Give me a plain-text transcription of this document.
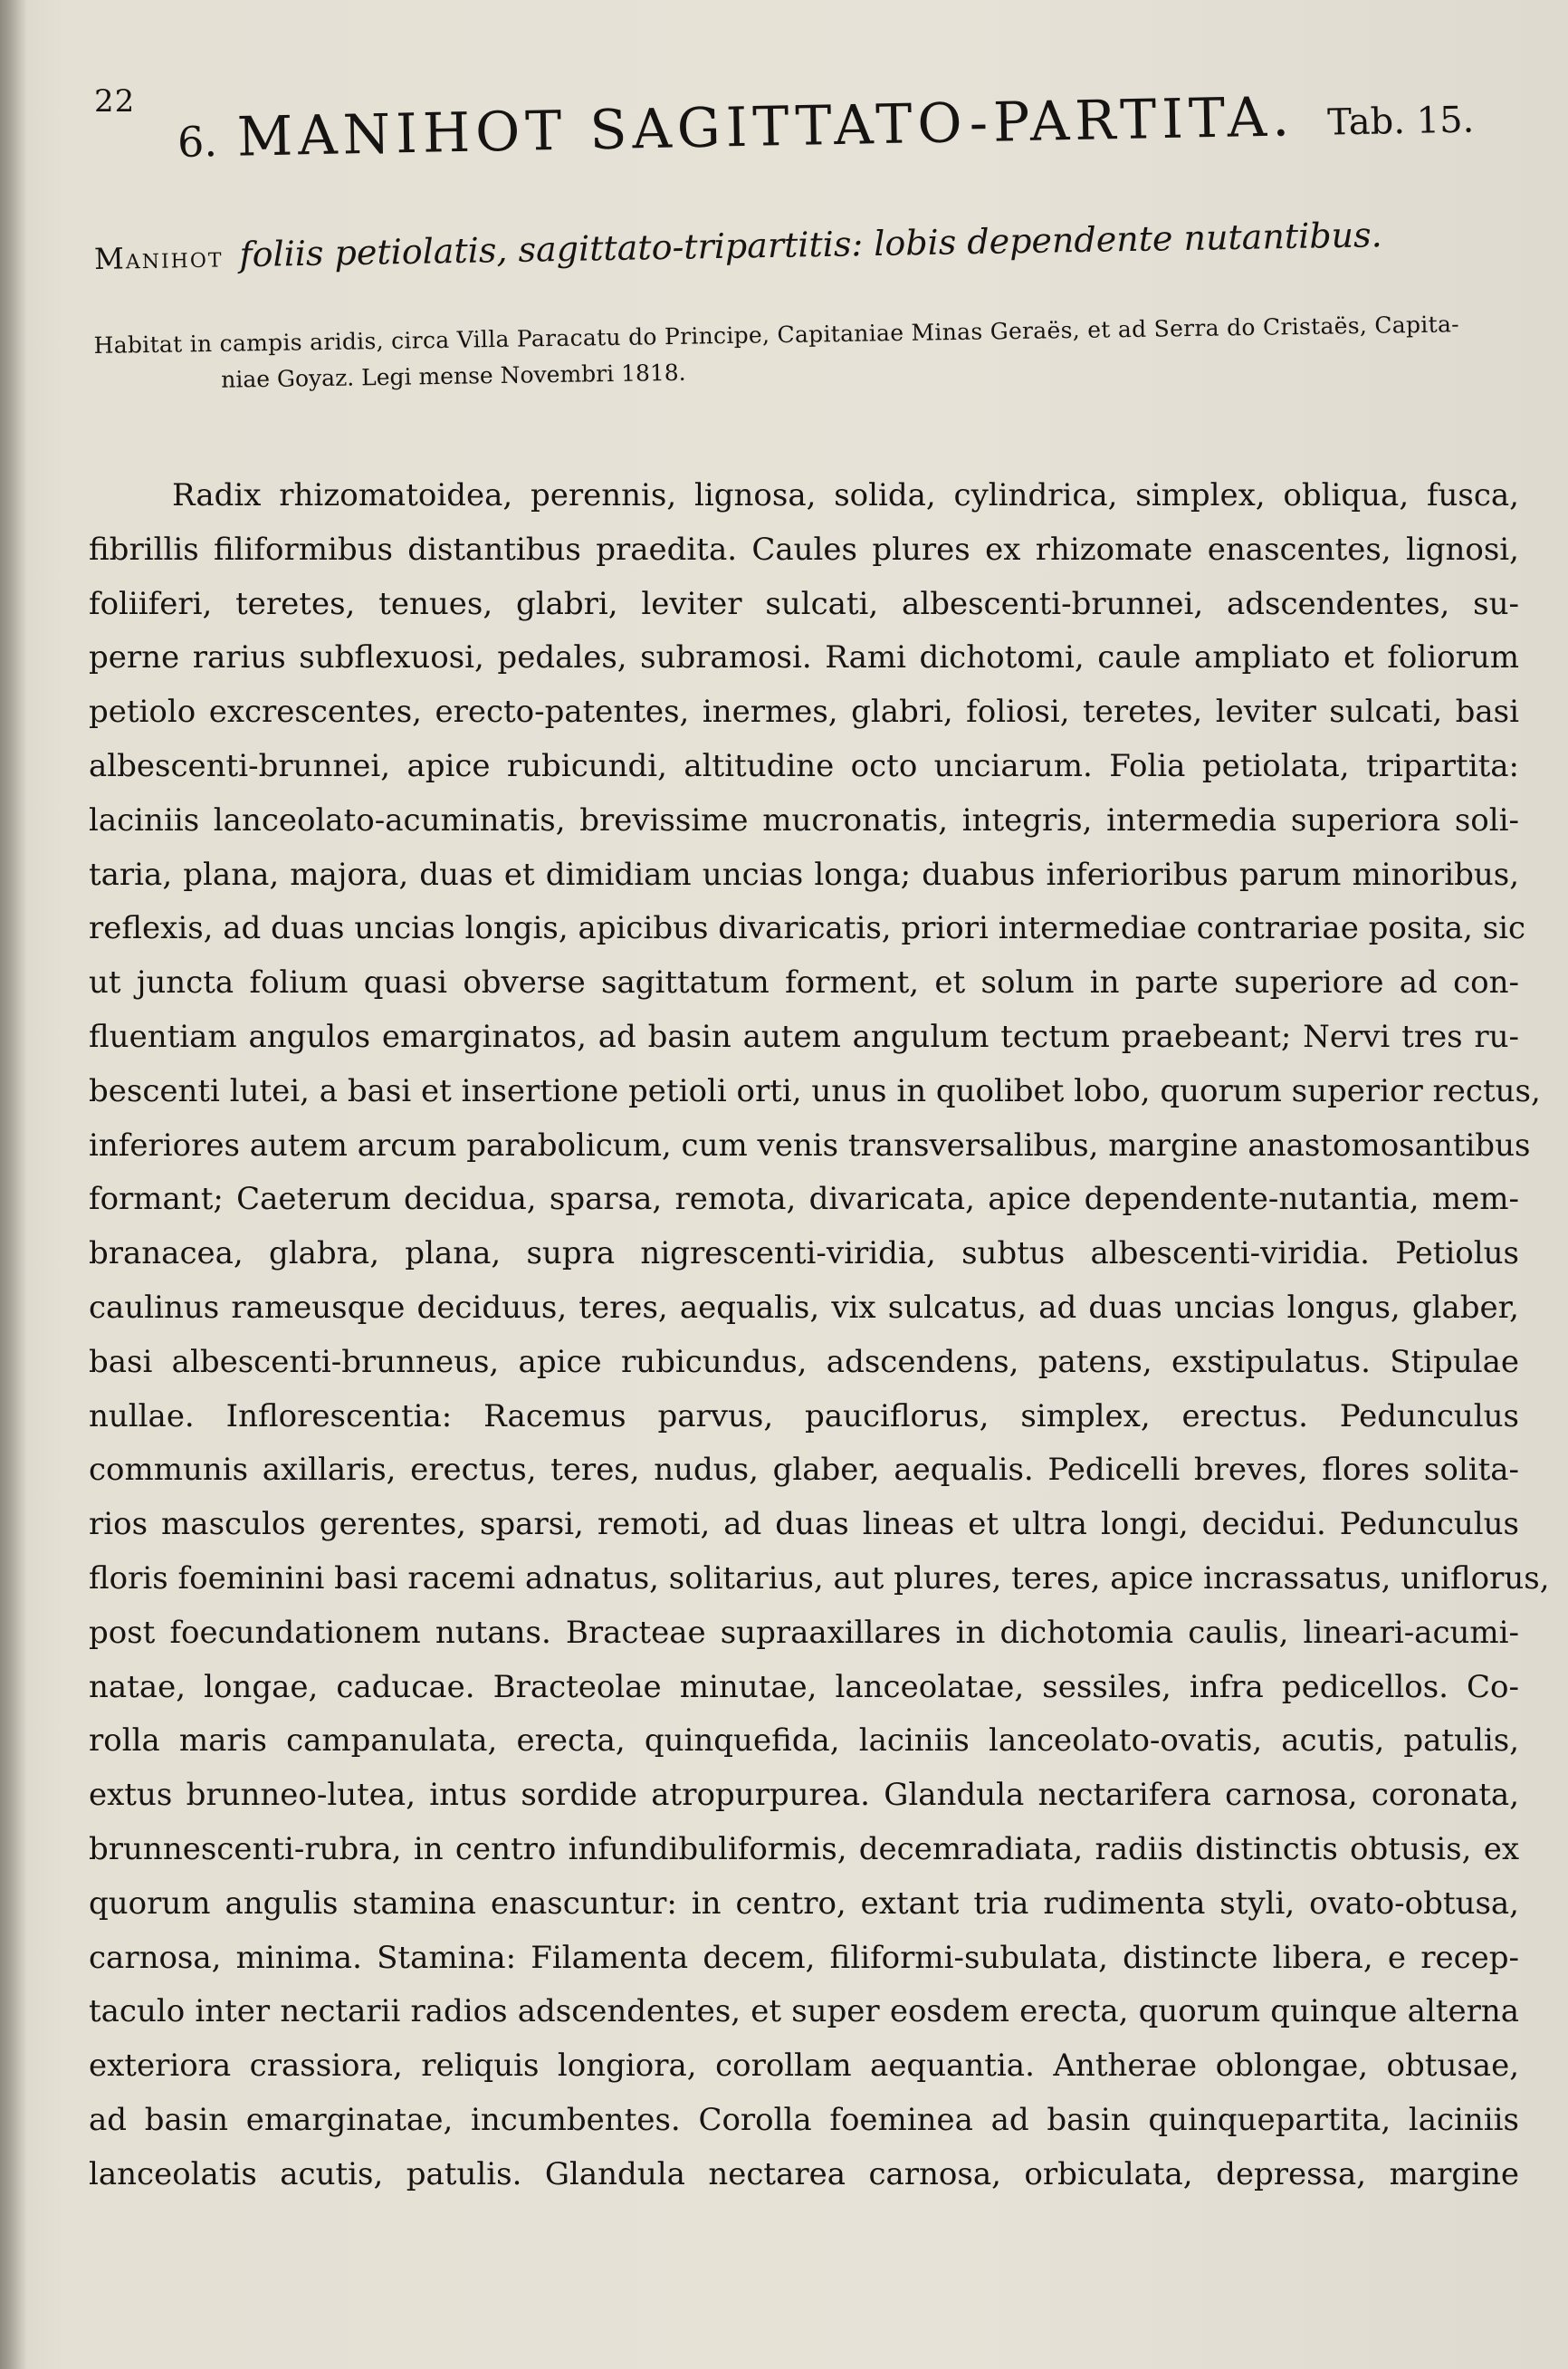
22
6. MANIHOT SAGITTATO-PARTITA. Tab. 15.
Manihot foliis petiolatis, sagittato-tripartitis: lobis dependente nutantibus.
Habitat in campis aridis, circa Villa Paracatu do Principe, Capitaniae Minas Geraës, et ad Serra do Cristaës, Capita-
niae Goyaz. Legi mense Novembri 1818.
Radix rhizomatoidea, perennis, lignosa, solida, cylindrica, simplex, obliqua, fusca,
fibrillis filiformibus distantibus praedita. Caules plures ex rhizomate enascentes, lignosi,
foliiferi, teretes, tenues, glabri, leviter sulcati, albescenti-brunnei, adscendentes, su-
perne rarius subflexuosi, pedales, subramosi. Rami dichotomi, caule ampliato et foliorum
petiolo excrescentes, erecto-patentes, inermes, glabri, foliosi, teretes, leviter sulcati, basi
albescenti-brunnei, apice rubicundi, altitudine octo unciarum. Folia petiolata, tripartita:
laciniis lanceolato-acuminatis, brevissime mucronatis, integris, intermedia superiora soli-
taria, plana, majora, duas et dimidiam uncias longa; duabus inferioribus parum minoribus,
reflexis, ad duas uncias longis, apicibus divaricatis, priori intermediae contrariae posita, sic
ut juncta folium quasi obverse sagittatum forment, et solum in parte superiore ad con-
fluentiam angulos emarginatos, ad basin autem angulum tectum praebeant; Nervi tres ru-
bescenti lutei, a basi et insertione petioli orti, unus in quolibet lobo, quorum superior rectus,
inferiores autem arcum parabolicum, cum venis transversalibus, margine anastomosantibus
formant; Caeterum decidua, sparsa, remota, divaricata, apice dependente-nutantia, mem-
branacea, glabra, plana, supra nigrescenti-viridia, subtus albescenti-viridia. Petiolus
caulinus rameusque deciduus, teres, aequalis, vix sulcatus, ad duas uncias longus, glaber,
basi albescenti-brunneus, apice rubicundus, adscendens, patens, exstipulatus. Stipulae
nullae. Inflorescentia: Racemus parvus, pauciflorus, simplex, erectus. Pedunculus
communis axillaris, erectus, teres, nudus, glaber, aequalis. Pedicelli breves, flores solita-
rios masculos gerentes, sparsi, remoti, ad duas lineas et ultra longi, decidui. Pedunculus
floris foeminini basi racemi adnatus, solitarius, aut plures, teres, apice incrassatus, uniflorus,
post foecundationem nutans. Bracteae supraaxillares in dichotomia caulis, lineari-acumi-
natae, longae, caducae. Bracteolae minutae, lanceolatae, sessiles, infra pedicellos. Co-
rolla maris campanulata, erecta, quinquefida, laciniis lanceolato-ovatis, acutis, patulis,
extus brunneo-lutea, intus sordide atropurpurea. Glandula nectarifera carnosa, coronata,
brunnescenti-rubra, in centro infundibuliformis, decemradiata, radiis distinctis obtusis, ex
quorum angulis stamina enascuntur: in centro, extant tria rudimenta styli, ovato-obtusa,
carnosa, minima. Stamina: Filamenta decem, filiformi-subulata, distincte libera, e recep-
taculo inter nectarii radios adscendentes, et super eosdem erecta, quorum quinque alterna
exteriora crassiora, reliquis longiora, corollam aequantia. Antherae oblongae, obtusae,
ad basin emarginatae, incumbentes. Corolla foeminea ad basin quinquepartita, laciniis
lanceolatis acutis, patulis. Glandula nectarea carnosa, orbiculata, depressa, margine
